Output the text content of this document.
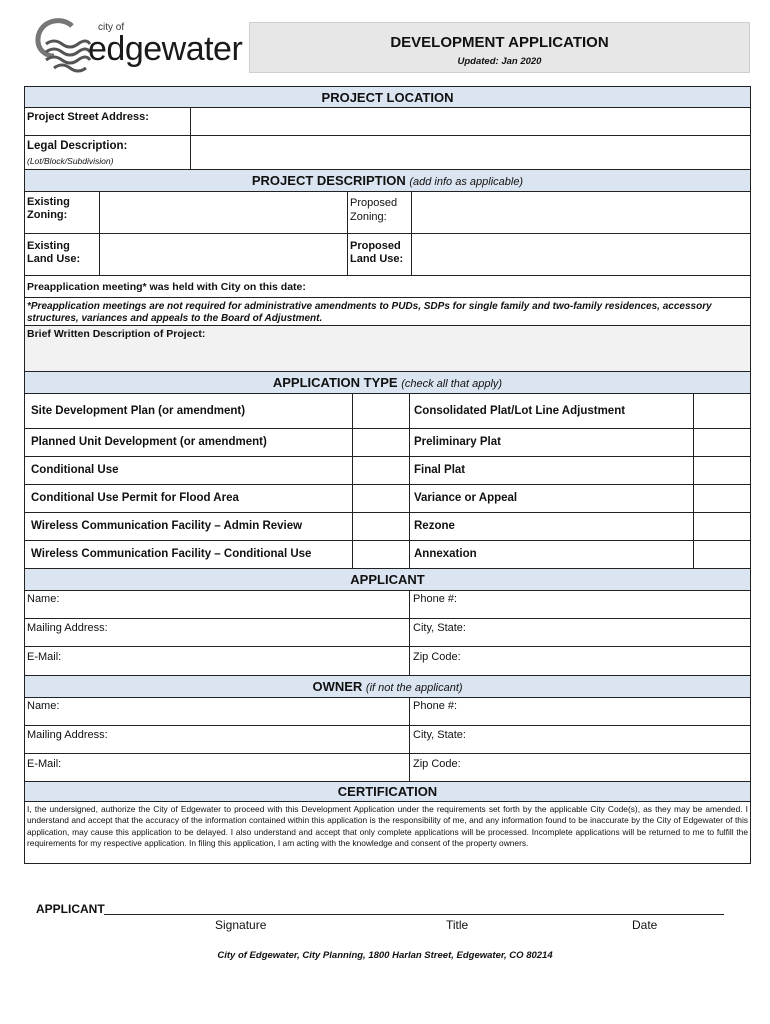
city of
edgewater	DEVELOPMENT APPLICATION
Updated: Jan 2020
PROJECT LOCATION
Project Street Address:
Legal Description:
(Lot/Block/Subdivision)
PROJECT DESCRIPTION (add info as applicable)
Existing Zoning:
Proposed Zoning:
Existing Land Use:
Proposed Land Use:
Preapplication meeting* was held with City on this date:
*Preapplication meetings are not required for administrative amendments to PUDs, SDPs for single family and two-family residences, accessory structures, variances and appeals to the Board of Adjustment.
Brief Written Description of Project:
APPLICATION TYPE (check all that apply)
Site Development Plan (or amendment)	Consolidated Plat/Lot Line Adjustment
Planned Unit Development (or amendment)	Preliminary Plat
Conditional Use	Final Plat
Conditional Use Permit for Flood Area	Variance or Appeal
Wireless Communication Facility – Admin Review	Rezone
Wireless Communication Facility – Conditional Use	Annexation
APPLICANT
Name:	Phone #:
Mailing Address:	City, State:
E-Mail:	Zip Code:
OWNER (if not the applicant)
Name:	Phone #:
Mailing Address:	City, State:
E-Mail:	Zip Code:
CERTIFICATION
I, the undersigned, authorize the City of Edgewater to proceed with this Development Application under the requirements set forth by the applicable City Code(s), as they may be amended. I understand and accept that the accuracy of the information contained within this application is the responsibility of me, and any information found to be inaccurate by the City of Edgewater of this application, may cause this application to be delayed. I also understand and accept that only complete applications will be processed. Incomplete applications will be returned to me to fulfill the requirements for my respective application. In filing this application, I am acting with the knowledge and consent of the property owners.
APPLICANT
Signature	Title	Date
City of Edgewater, City Planning, 1800 Harlan Street, Edgewater, CO 80214
